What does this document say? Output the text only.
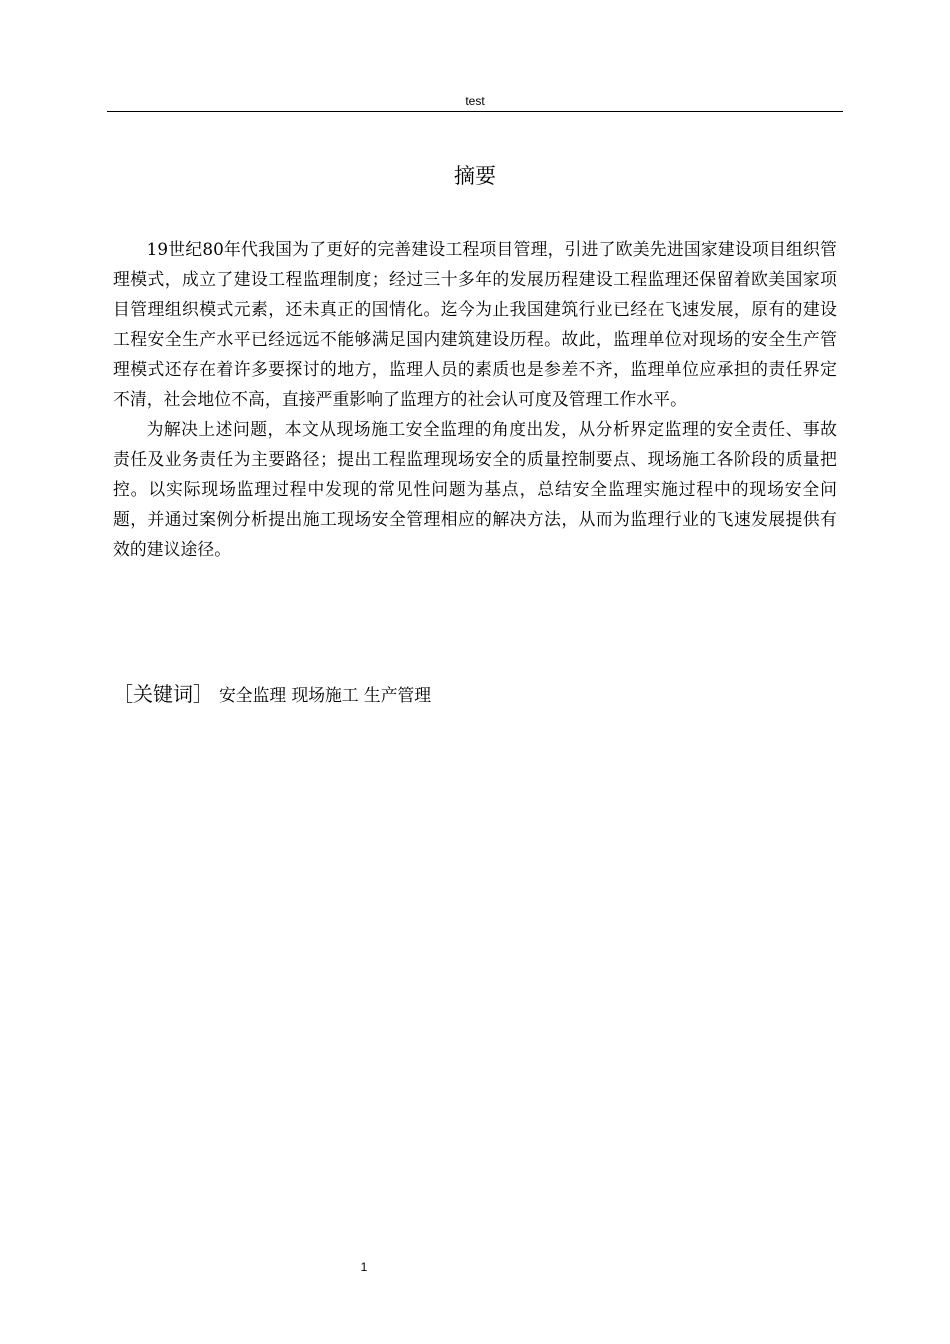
test
摘要

19世纪80年代我国为了更好的完善建设工程项目管理，引进了欧美先进国家建设项目组织管理模式，成立了建设工程监理制度；经过三十多年的发展历程建设工程监理还保留着欧美国家项目管理组织模式元素，还未真正的国情化。迄今为止我国建筑行业已经在飞速发展，原有的建设工程安全生产水平已经远远不能够满足国内建筑建设历程。故此，监理单位对现场的安全生产管理模式还存在着许多要探讨的地方，监理人员的素质也是参差不齐，监理单位应承担的责任界定不清，社会地位不高，直接严重影响了监理方的社会认可度及管理工作水平。

为解决上述问题，本文从现场施工安全监理的角度出发，从分析界定监理的安全责任、事故责任及业务责任为主要路径；提出工程监理现场安全的质量控制要点、现场施工各阶段的质量把控。以实际现场监理过程中发现的常见性问题为基点，总结安全监理实施过程中的现场安全问题，并通过案例分析提出施工现场安全管理相应的解决方法，从而为监理行业的飞速发展提供有效的建议途径。

［关键词］ 安全监理 现场施工 生产管理
1
